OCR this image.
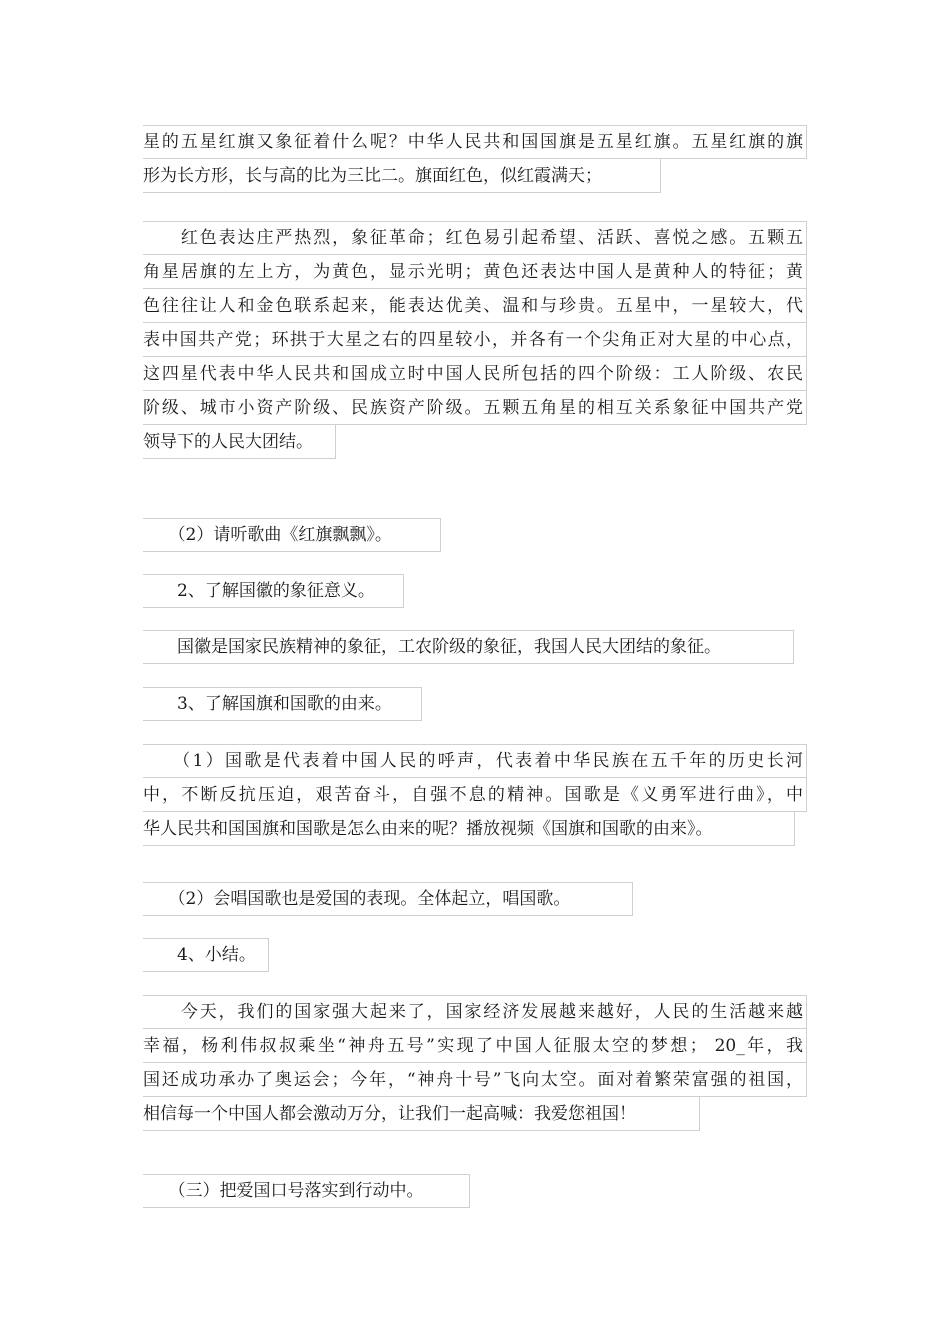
星的五星红旗又象征着什么呢？中华人民共和国国旗是五星红旗。五星红旗的旗
形为长方形，长与高的比为三比二。旗面红色，似红霞满天；
　　红色表达庄严热烈，象征革命；红色易引起希望、活跃、喜悦之感。五颗五
角星居旗的左上方，为黄色，显示光明；黄色还表达中国人是黄种人的特征；黄
色往往让人和金色联系起来，能表达优美、温和与珍贵。五星中，一星较大，代
表中国共产党；环拱于大星之右的四星较小，并各有一个尖角正对大星的中心点，
这四星代表中华人民共和国成立时中国人民所包括的四个阶级：工人阶级、农民
阶级、城市小资产阶级、民族资产阶级。五颗五角星的相互关系象征中国共产党
领导下的人民大团结。
　　（2）请听歌曲《红旗飘飘》。
　　2、了解国徽的象征意义。
　　国徽是国家民族精神的象征，工农阶级的象征，我国人民大团结的象征。
　　3、了解国旗和国歌的由来。
　　（1）国歌是代表着中国人民的呼声，代表着中华民族在五千年的历史长河
中，不断反抗压迫，艰苦奋斗，自强不息的精神。国歌是《义勇军进行曲》，中
华人民共和国国旗和国歌是怎么由来的呢？播放视频《国旗和国歌的由来》。
　　（2）会唱国歌也是爱国的表现。全体起立，唱国歌。
　　4、小结。
　　今天，我们的国家强大起来了，国家经济发展越来越好，人民的生活越来越
幸福，杨利伟叔叔乘坐“神舟五号”实现了中国人征服太空的梦想； 20_年，我
国还成功承办了奥运会；今年，“神舟十号”飞向太空。面对着繁荣富强的祖国，
相信每一个中国人都会激动万分，让我们一起高喊：我爱您祖国！
　　（三）把爱国口号落实到行动中。
